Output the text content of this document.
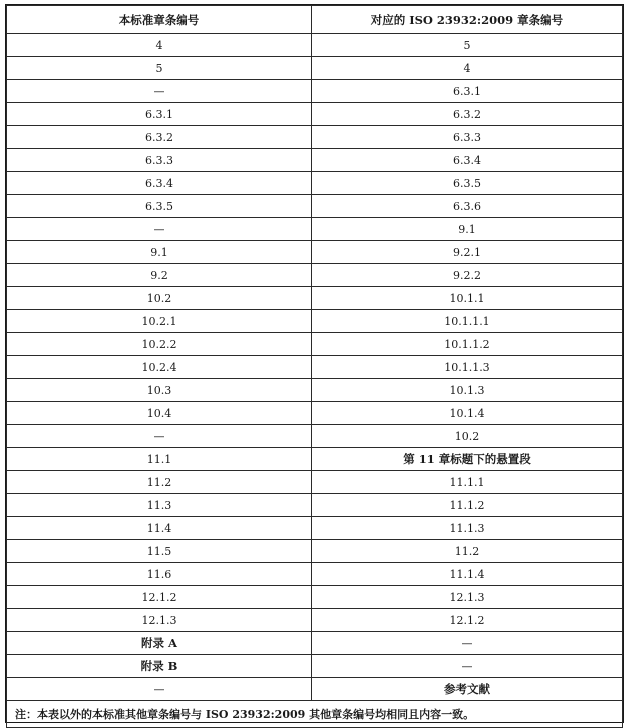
本标准章条编号	对应的 ISO 23932:2009 章条编号
4	5
5	4
—	6.3.1
6.3.1	6.3.2
6.3.2	6.3.3
6.3.3	6.3.4
6.3.4	6.3.5
6.3.5	6.3.6
—	9.1
9.1	9.2.1
9.2	9.2.2
10.2	10.1.1
10.2.1	10.1.1.1
10.2.2	10.1.1.2
10.2.4	10.1.1.3
10.3	10.1.3
10.4	10.1.4
—	10.2
11.1	第 11 章标题下的悬置段
11.2	11.1.1
11.3	11.1.2
11.4	11.1.3
11.5	11.2
11.6	11.1.4
12.1.2	12.1.3
12.1.3	12.1.2
附录 A	—
附录 B	—
—	参考文献
注：本表以外的本标准其他章条编号与 ISO 23932:2009 其他章条编号均相同且内容一致。	
